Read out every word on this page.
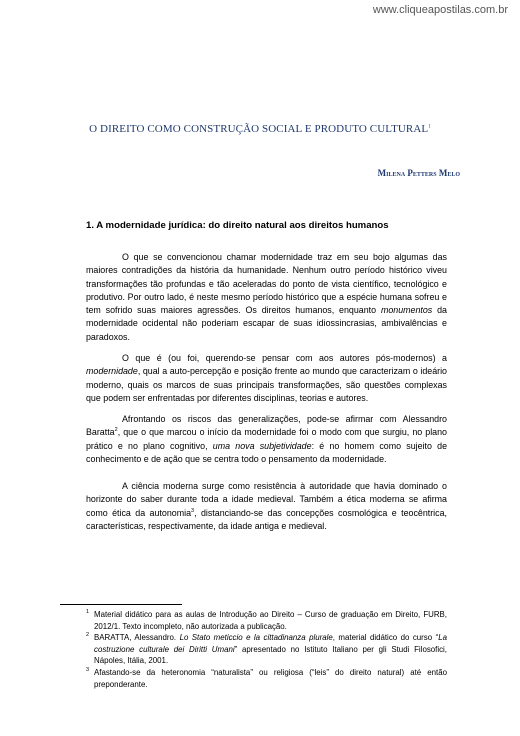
www.cliqueapostilas.com.br
O DIREITO COMO CONSTRUÇÃO SOCIAL E PRODUTO CULTURAL$^1$
Milena Petters Melo
1. A modernidade jurídica: do direito natural aos direitos humanos

O que se convencionou chamar modernidade traz em seu bojo algumas das maiores contradições da história da humanidade. Nenhum outro período histórico viveu transformações tão profundas e tão aceleradas do ponto de vista científico, tecnológico e produtivo. Por outro lado, é neste mesmo período histórico que a espécie humana sofreu e tem sofrido suas maiores agressões. Os direitos humanos, enquanto monumentos da modernidade ocidental não poderiam escapar de suas idiossincrasias, ambivalências e paradoxos.

O que é (ou foi, querendo-se pensar com aos autores pós-modernos) a modernidade, qual a auto-percepção e posição frente ao mundo que caracterizam o ideário moderno, quais os marcos de suas principais transformações, são questões complexas que podem ser enfrentadas por diferentes disciplinas, teorias e autores.

Afrontando os riscos das generalizações, pode-se afirmar com Alessandro Baratta$^2$, que o que marcou o início da modernidade foi o modo com que surgiu, no plano prático e no plano cognitivo, uma nova subjetividade: é no homem como sujeito de conhecimento e de ação que se centra todo o pensamento da modernidade.

A ciência moderna surge como resistência à autoridade que havia dominado o horizonte do saber durante toda a idade medieval. Também a ética moderna se afirma como ética da autonomia$^3$, distanciando-se das concepções cosmológica e teocêntrica, características, respectivamente, da idade antiga e medieval.

1 Material didático para as aulas de Introdução ao Direito – Curso de graduação em Direito, FURB, 2012/1. Texto incompleto, não autorizada a publicação.
2 BARATTA, Alessandro. Lo Stato meticcio e la cittadinanza plurale, material didático do curso “La costruzione culturale dei Diritti Umani” apresentado no Istituto Italiano per gli Studi Filosofici, Nápoles, Itália, 2001.
3 Afastando-se da heteronomia “naturalista” ou religiosa (“leis” do direito natural) até então preponderante.
